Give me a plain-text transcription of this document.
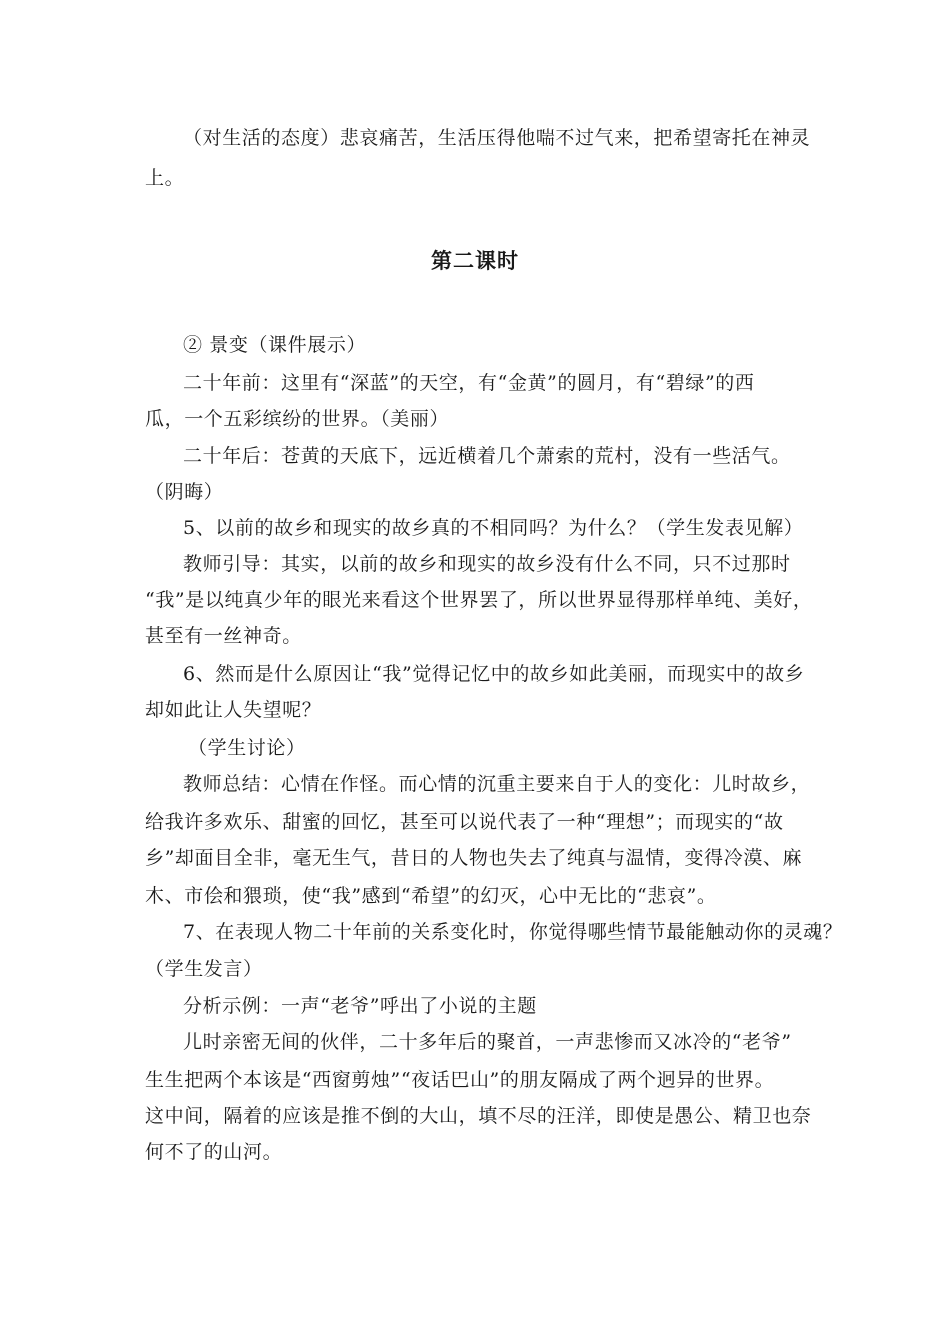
（对生活的态度）悲哀痛苦，生活压得他喘不过气来，把希望寄托在神灵
上。
第二课时
② 景变（课件展示）
二十年前：这里有“深蓝”的天空，有“金黄”的圆月，有“碧绿”的西
瓜，一个五彩缤纷的世界。（美丽）
二十年后：苍黄的天底下，远近横着几个萧索的荒村，没有一些活气。
（阴晦）
5、以前的故乡和现实的故乡真的不相同吗？为什么？（学生发表见解）
教师引导：其实，以前的故乡和现实的故乡没有什么不同，只不过那时
“我”是以纯真少年的眼光来看这个世界罢了，所以世界显得那样单纯、美好，
甚至有一丝神奇。
6、然而是什么原因让“我”觉得记忆中的故乡如此美丽，而现实中的故乡
却如此让人失望呢？
（学生讨论）
教师总结：心情在作怪。而心情的沉重主要来自于人的变化：儿时故乡，
给我许多欢乐、甜蜜的回忆，甚至可以说代表了一种“理想”；而现实的“故
乡”却面目全非，毫无生气，昔日的人物也失去了纯真与温情，变得冷漠、麻
木、市侩和猥琐，使“我”感到“希望”的幻灭，心中无比的“悲哀”。
7、在表现人物二十年前的关系变化时，你觉得哪些情节最能触动你的灵魂？
（学生发言）
分析示例：一声“老爷”呼出了小说的主题
儿时亲密无间的伙伴，二十多年后的聚首，一声悲惨而又冰冷的“老爷”
生生把两个本该是“西窗剪烛”“夜话巴山”的朋友隔成了两个迥异的世界。
这中间，隔着的应该是推不倒的大山，填不尽的汪洋，即使是愚公、精卫也奈
何不了的山河。
